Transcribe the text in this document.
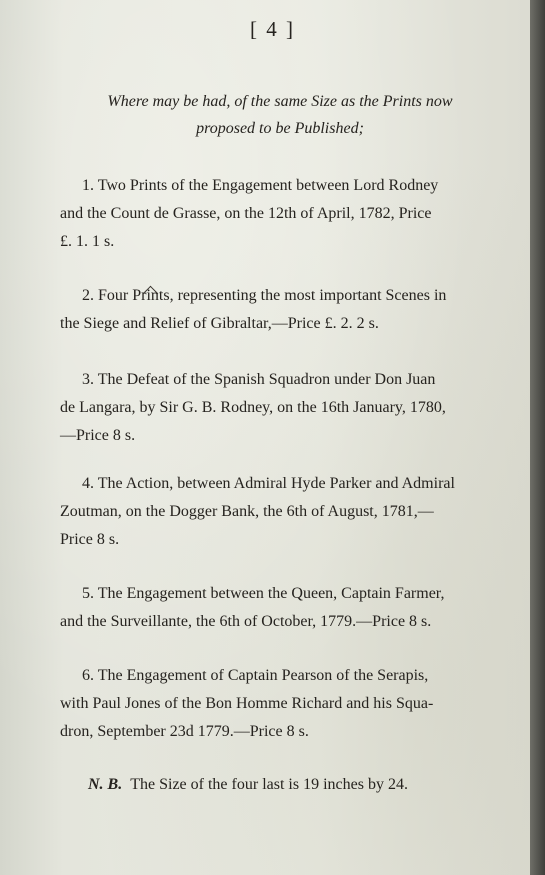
[ 4 ]
Where may be had, of the same Size as the Prints now
proposed to be Published;
1. Two Prints of the Engagement between Lord Rodney
and the Count de Grasse, on the 12th of April, 1782, Price
£. 1. 1 s.
2. Four Prints, representing the most important Scenes in
the Siege and Relief of Gibraltar,—Price £. 2. 2 s.
3. The Defeat of the Spanish Squadron under Don Juan
de Langara, by Sir G. B. Rodney, on the 16th January, 1780,
—Price 8 s.
4. The Action, between Admiral Hyde Parker and Admiral
Zoutman, on the Dogger Bank, the 6th of August, 1781,—
Price 8 s.
5. The Engagement between the Queen, Captain Farmer,
and the Surveillante, the 6th of October, 1779.—Price 8 s.
6. The Engagement of Captain Pearson of the Serapis,
with Paul Jones of the Bon Homme Richard and his Squa-
dron, September 23d 1779.—Price 8 s.
N. B. The Size of the four last is 19 inches by 24.
